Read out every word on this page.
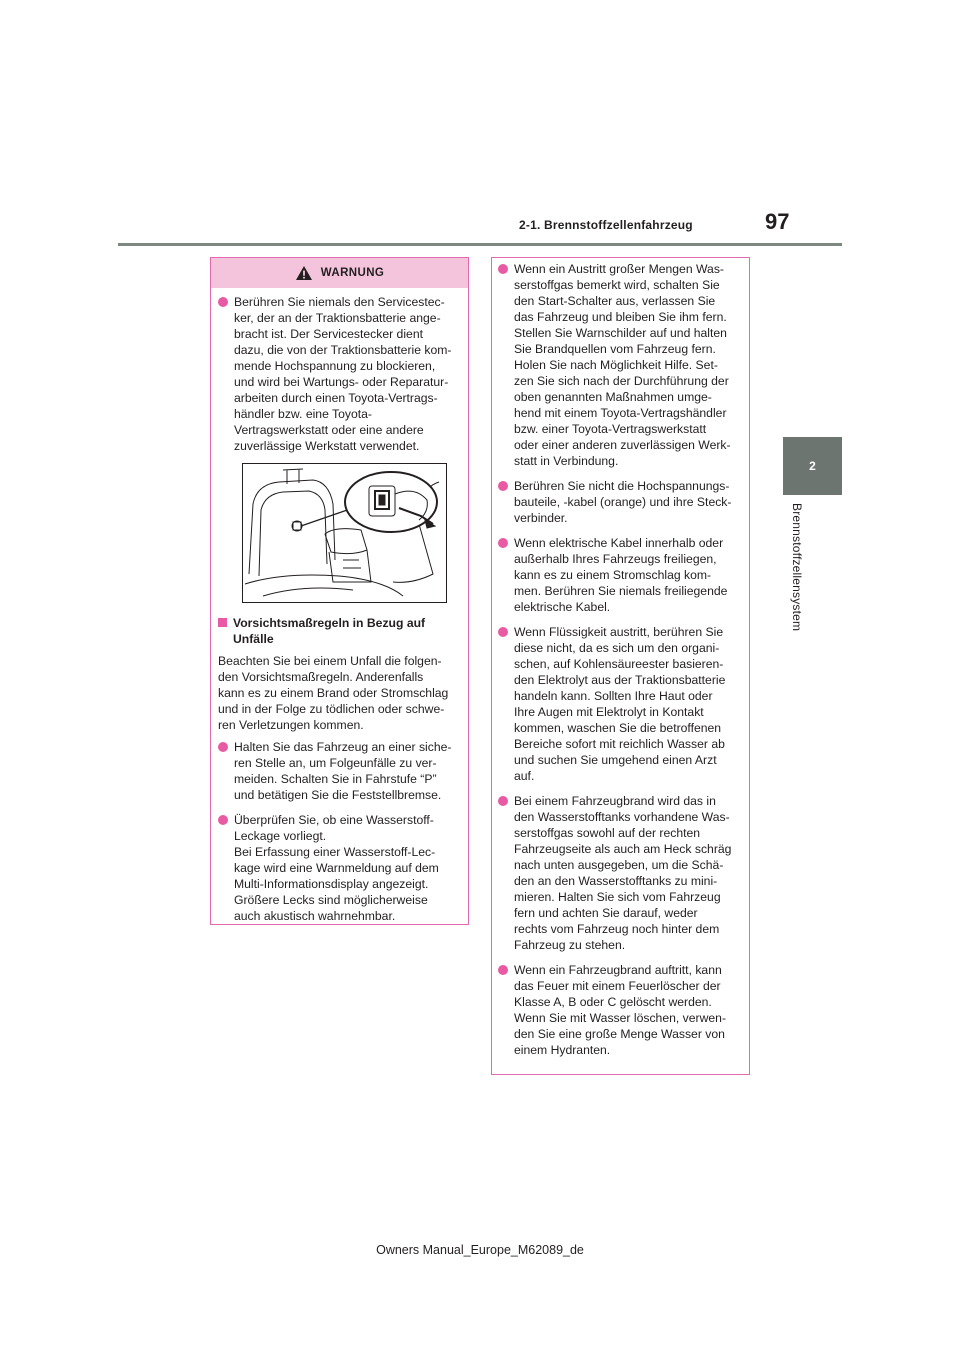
2-1. Brennstoffzellenfahrzeug	97
2
Brennstoffzellensystem
WARNUNG
Berühren Sie niemals den Servicestec-
ker, der an der Traktionsbatterie ange-
bracht ist. Der Servicestecker dient
dazu, die von der Traktionsbatterie kom-
mende Hochspannung zu blockieren,
und wird bei Wartungs- oder Reparatur-
arbeiten durch einen Toyota-Vertrags-
händler bzw. eine Toyota-
Vertragswerkstatt oder eine andere
zuverlässige Werkstatt verwendet.
Vorsichtsmaßregeln in Bezug auf
Unfälle
Beachten Sie bei einem Unfall die folgen-
den Vorsichtsmaßregeln. Anderenfalls
kann es zu einem Brand oder Stromschlag
und in der Folge zu tödlichen oder schwe-
ren Verletzungen kommen.
Halten Sie das Fahrzeug an einer siche-
ren Stelle an, um Folgeunfälle zu ver-
meiden. Schalten Sie in Fahrstufe “P”
und betätigen Sie die Feststellbremse.
Überprüfen Sie, ob eine Wasserstoff-
Leckage vorliegt.
Bei Erfassung einer Wasserstoff-Lec-
kage wird eine Warnmeldung auf dem
Multi-Informationsdisplay angezeigt.
Größere Lecks sind möglicherweise
auch akustisch wahrnehmbar.
Wenn ein Austritt großer Mengen Was-
serstoffgas bemerkt wird, schalten Sie
den Start-Schalter aus, verlassen Sie
das Fahrzeug und bleiben Sie ihm fern.
Stellen Sie Warnschilder auf und halten
Sie Brandquellen vom Fahrzeug fern.
Holen Sie nach Möglichkeit Hilfe. Set-
zen Sie sich nach der Durchführung der
oben genannten Maßnahmen umge-
hend mit einem Toyota-Vertragshändler
bzw. einer Toyota-Vertragswerkstatt
oder einer anderen zuverlässigen Werk-
statt in Verbindung.
Berühren Sie nicht die Hochspannungs-
bauteile, -kabel (orange) und ihre Steck-
verbinder.
Wenn elektrische Kabel innerhalb oder
außerhalb Ihres Fahrzeugs freiliegen,
kann es zu einem Stromschlag kom-
men. Berühren Sie niemals freiliegende
elektrische Kabel.
Wenn Flüssigkeit austritt, berühren Sie
diese nicht, da es sich um den organi-
schen, auf Kohlensäureester basieren-
den Elektrolyt aus der Traktionsbatterie
handeln kann. Sollten Ihre Haut oder
Ihre Augen mit Elektrolyt in Kontakt
kommen, waschen Sie die betroffenen
Bereiche sofort mit reichlich Wasser ab
und suchen Sie umgehend einen Arzt
auf.
Bei einem Fahrzeugbrand wird das in
den Wasserstofftanks vorhandene Was-
serstoffgas sowohl auf der rechten
Fahrzeugseite als auch am Heck schräg
nach unten ausgegeben, um die Schä-
den an den Wasserstofftanks zu mini-
mieren. Halten Sie sich vom Fahrzeug
fern und achten Sie darauf, weder
rechts vom Fahrzeug noch hinter dem
Fahrzeug zu stehen.
Wenn ein Fahrzeugbrand auftritt, kann
das Feuer mit einem Feuerlöscher der
Klasse A, B oder C gelöscht werden.
Wenn Sie mit Wasser löschen, verwen-
den Sie eine große Menge Wasser von
einem Hydranten.
Owners Manual_Europe_M62089_de
